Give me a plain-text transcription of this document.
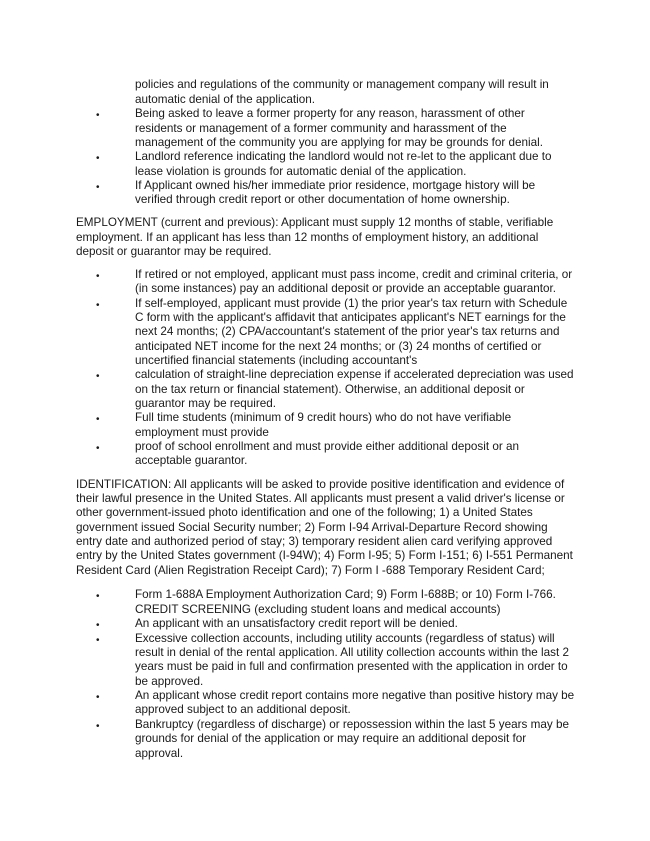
policies and regulations of the community or management company will result in
automatic denial of the application.
•	Being asked to leave a former property for any reason, harassment of other
residents or management of a former community and harassment of the
management of the community you are applying for may be grounds for denial.
•	Landlord reference indicating the landlord would not re-let to the applicant due to
lease violation is grounds for automatic denial of the application.
•	If Applicant owned his/her immediate prior residence, mortgage history will be
verified through credit report or other documentation of home ownership.
EMPLOYMENT (current and previous): Applicant must supply 12 months of stable, verifiable
employment. If an applicant has less than 12 months of employment history, an additional
deposit or guarantor may be required.
•	If retired or not employed, applicant must pass income, credit and criminal criteria, or
(in some instances) pay an additional deposit or provide an acceptable guarantor.
•	If self-employed, applicant must provide (1) the prior year's tax return with Schedule
C form with the applicant's affidavit that anticipates applicant's NET earnings for the
next 24 months; (2) CPA/accountant's statement of the prior year's tax returns and
anticipated NET income for the next 24 months; or (3) 24 months of certified or
uncertified financial statements (including accountant's
•	calculation of straight-line depreciation expense if accelerated depreciation was used
on the tax return or financial statement). Otherwise, an additional deposit or
guarantor may be required.
•	Full time students (minimum of 9 credit hours) who do not have verifiable
employment must provide
•	proof of school enrollment and must provide either additional deposit or an
acceptable guarantor.
IDENTIFICATION: All applicants will be asked to provide positive identification and evidence of
their lawful presence in the United States. All applicants must present a valid driver's license or
other government-issued photo identification and one of the following; 1) a United States
government issued Social Security number; 2) Form I-94 Arrival-Departure Record showing
entry date and authorized period of stay; 3) temporary resident alien card verifying approved
entry by the United States government (I-94W); 4) Form I-95; 5) Form I-151; 6) I-551 Permanent
Resident Card (Alien Registration Receipt Card); 7) Form I -688 Temporary Resident Card;
•	Form 1-688A Employment Authorization Card; 9) Form I-688B; or 10) Form I-766.
CREDIT SCREENING (excluding student loans and medical accounts)
•	An applicant with an unsatisfactory credit report will be denied.
•	Excessive collection accounts, including utility accounts (regardless of status) will
result in denial of the rental application. All utility collection accounts within the last 2
years must be paid in full and confirmation presented with the application in order to
be approved.
•	An applicant whose credit report contains more negative than positive history may be
approved subject to an additional deposit.
•	Bankruptcy (regardless of discharge) or repossession within the last 5 years may be
grounds for denial of the application or may require an additional deposit for
approval.
